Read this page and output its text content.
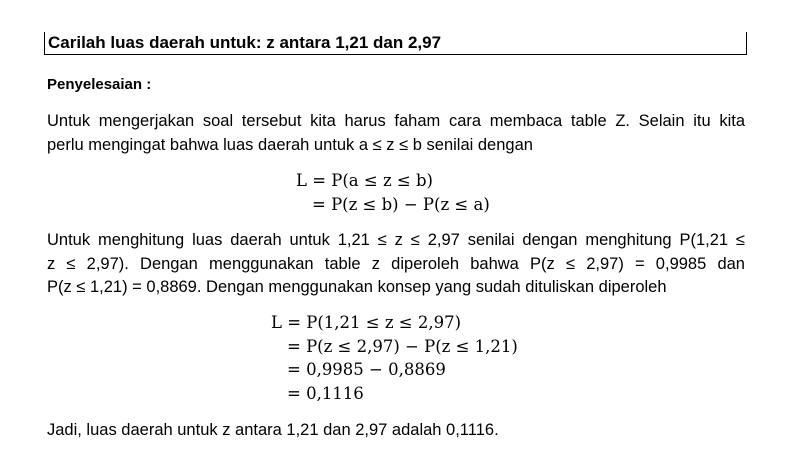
Carilah luas daerah untuk: z antara 1,21 dan 2,97
Penyelesaian :
Untuk mengerjakan soal tersebut kita harus faham cara membaca table Z. Selain itu kita
perlu mengingat bahwa luas daerah untuk a ≤ z ≤ b senilai dengan
L = P(a ≤ z ≤ b)
= P(z ≤ b) − P(z ≤ a)
Untuk menghitung luas daerah untuk 1,21 ≤ z ≤ 2,97 senilai dengan menghitung P(1,21 ≤
z ≤ 2,97). Dengan menggunakan table z diperoleh bahwa P(z ≤ 2,97) = 0,9985 dan
P(z ≤ 1,21) = 0,8869. Dengan menggunakan konsep yang sudah dituliskan diperoleh
L = P(1,21 ≤ z ≤ 2,97)
= P(z ≤ 2,97) − P(z ≤ 1,21)
= 0,9985 − 0,8869
= 0,1116
Jadi, luas daerah untuk z antara 1,21 dan 2,97 adalah 0,1116.
